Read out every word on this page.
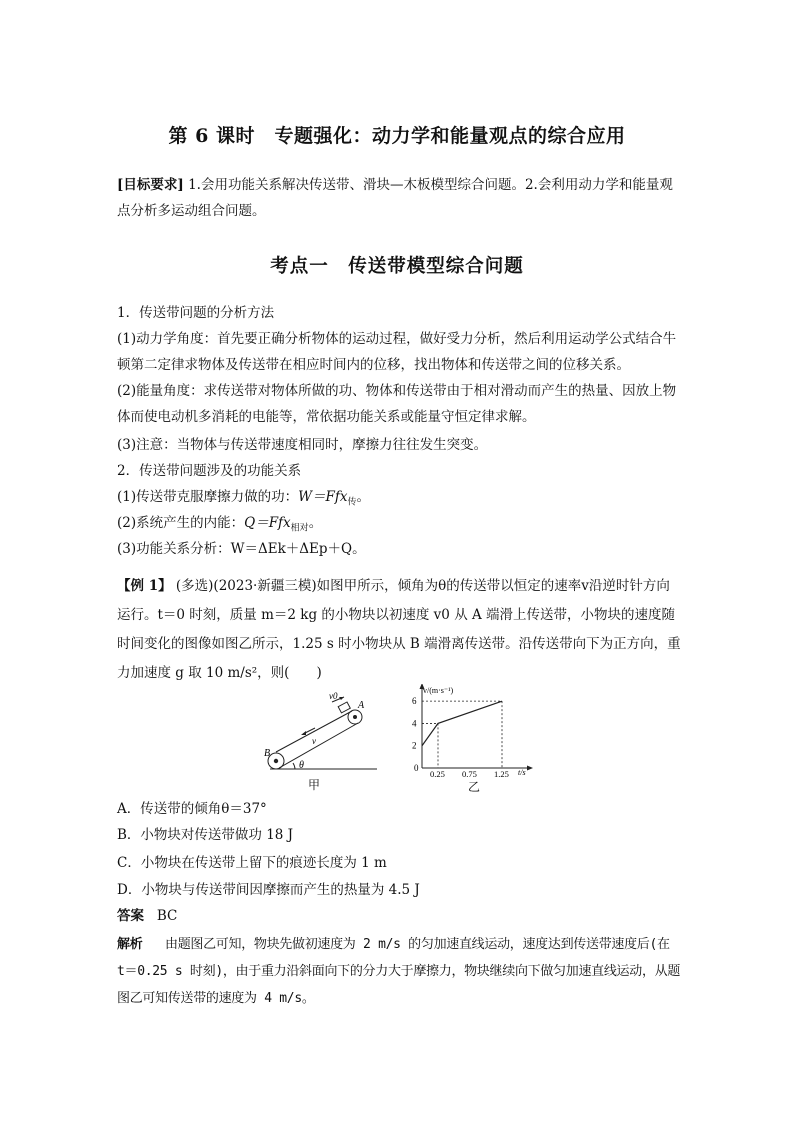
第 6 课时　专题强化：动力学和能量观点的综合应用
[目标要求] 1.会用功能关系解决传送带、滑块—木板模型综合问题。2.会利用动力学和能量观点分析多运动组合问题。
考点一　传送带模型综合问题
1．传送带问题的分析方法
(1)动力学角度：首先要正确分析物体的运动过程，做好受力分析，然后利用运动学公式结合牛顿第二定律求物体及传送带在相应时间内的位移，找出物体和传送带之间的位移关系。
(2)能量角度：求传送带对物体所做的功、物体和传送带由于相对滑动而产生的热量、因放上物体而使电动机多消耗的电能等，常依据功能关系或能量守恒定律求解。
(3)注意：当物体与传送带速度相同时，摩擦力往往发生突变。
2．传送带问题涉及的功能关系
(1)传送带克服摩擦力做的功：W＝Ffx$_传$。
(2)系统产生的内能：Q＝Ffx$_{相对}$。
(3)功能关系分析：W＝ΔEk＋ΔEp＋Q。
【例 1】 (多选)(2023·新疆三模)如图甲所示，倾角为θ的传送带以恒定的速率v沿逆时针方向运行。t＝0 时刻，质量 m＝2 kg 的小物块以初速度 v0 从 A 端滑上传送带，小物块的速度随时间变化的图像如图乙所示，1.25 s 时小物块从 B 端滑离传送带。沿传送带向下为正方向，重力加速度 g 取 10 m/s²，则(　　)
v0
A
B
v
θ
甲
2
4
6
0.25 0.75 1.25
v/(m·s⁻¹)
t/s
0
乙
A．传送带的倾角θ＝37°
B．小物块对传送带做功 18 J
C．小物块在传送带上留下的痕迹长度为 1 m
D．小物块与传送带间因摩擦而产生的热量为 4.5 J
答案 BC
解析 由题图乙可知，物块先做初速度为 2 m/s 的匀加速直线运动，速度达到传送带速度后(在 t＝0.25 s 时刻)，由于重力沿斜面向下的分力大于摩擦力，物块继续向下做匀加速直线运动，从题图乙可知传送带的速度为 4 m/s。
